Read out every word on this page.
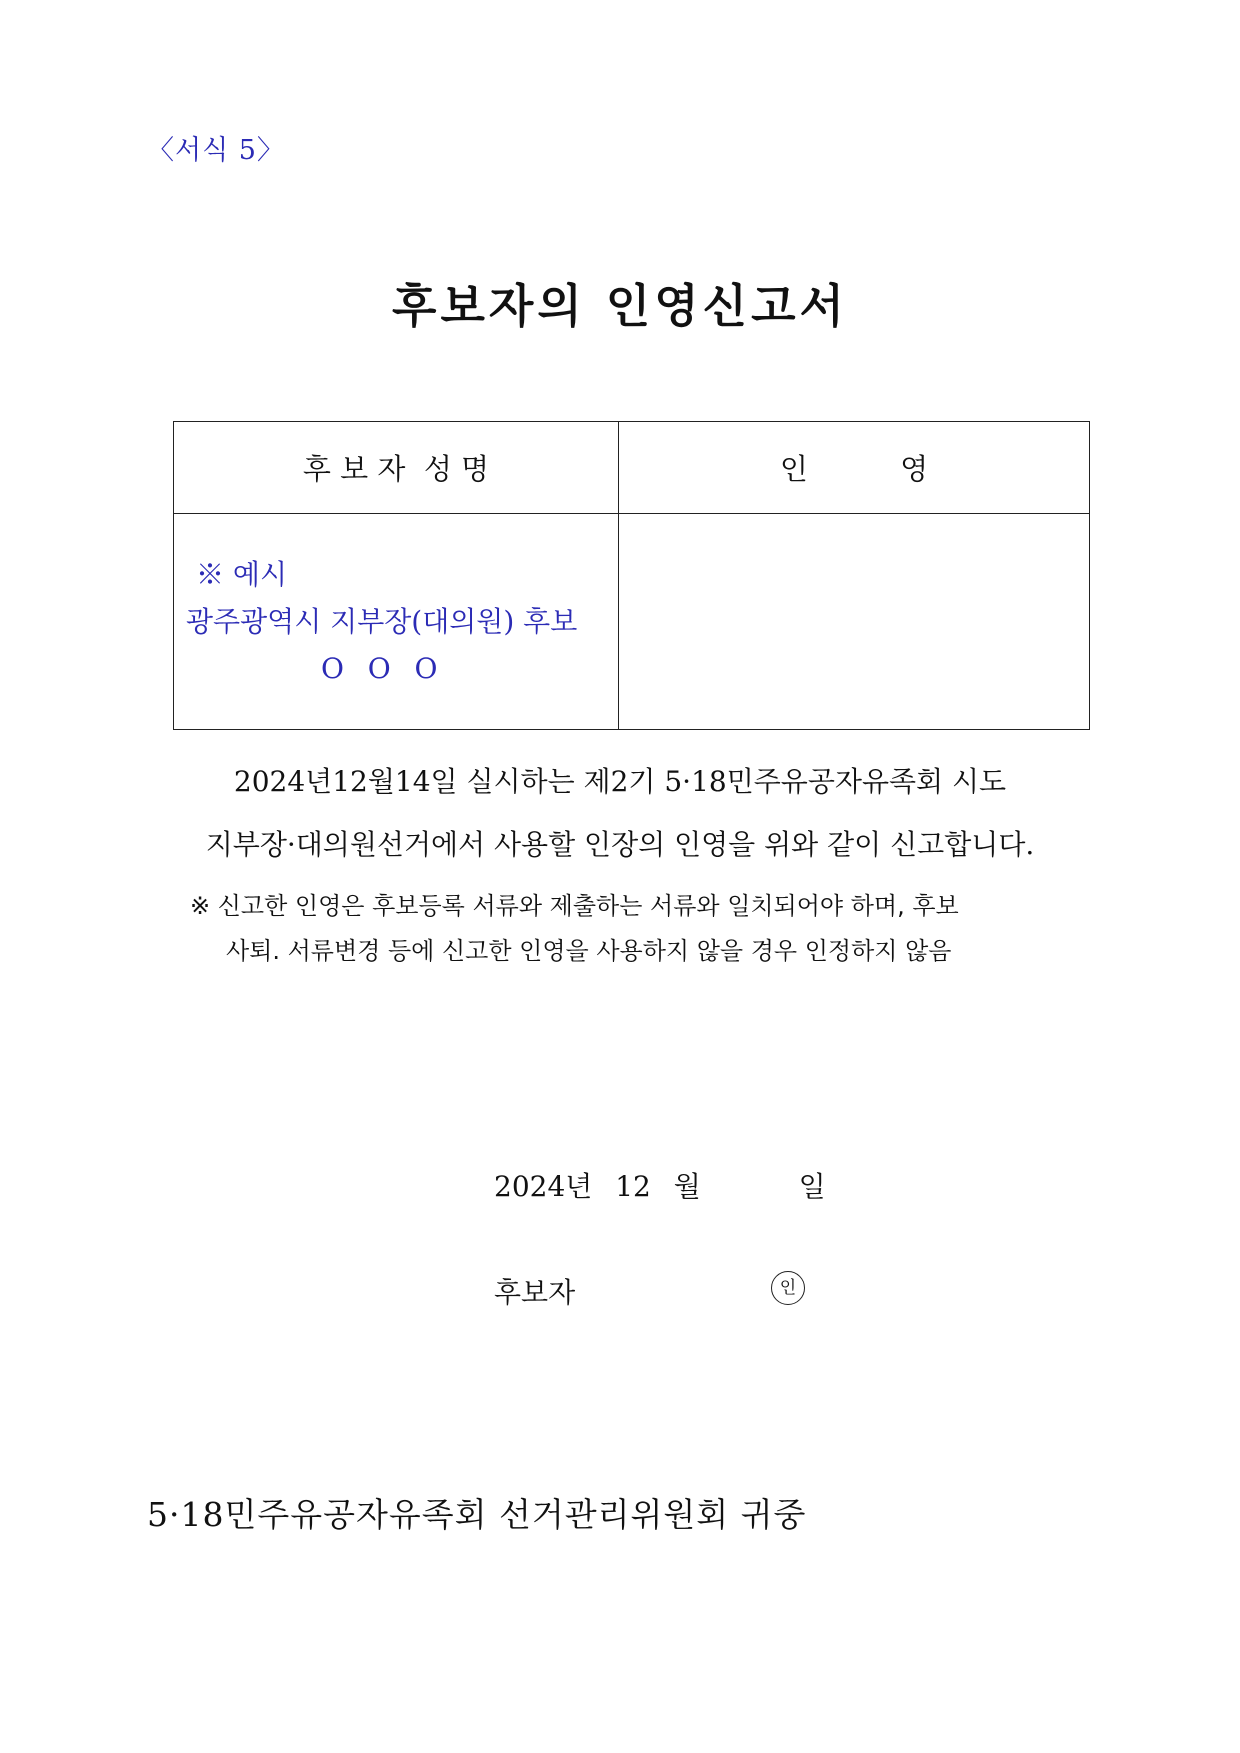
〈서식 5〉
후보자의 인영신고서
후 보 자  성 명	인          영

※ 예시
광주광역시 지부장(대의원) 후보
O  O  O	

2024년12월14일 실시하는 제2기 5·18민주유공자유족회 시도
지부장·대의원선거에서 사용할 인장의 인영을 위와 같이 신고합니다.
※ 신고한 인영은 후보등록 서류와 제출하는 서류와 일치되어야 하며, 후보
사퇴. 서류변경 등에 신고한 인영을 사용하지 않을 경우 인정하지 않음
2024년 12 월	일
후보자	인
5·18민주유공자유족회 선거관리위원회 귀중
